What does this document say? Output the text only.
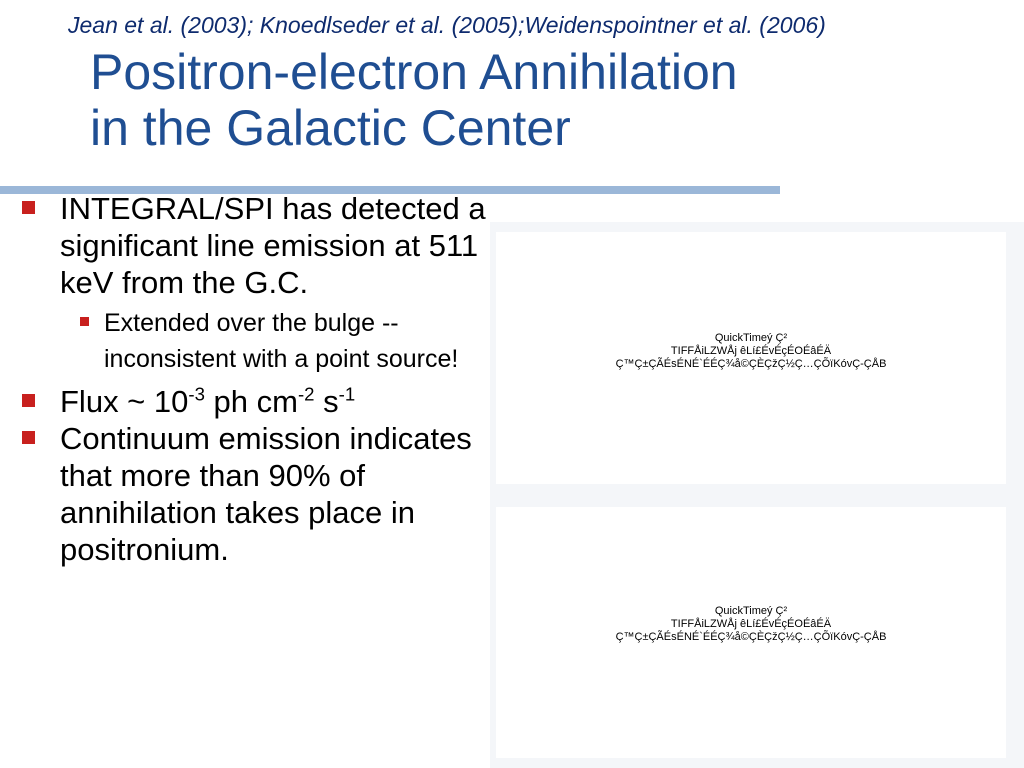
Jean et al. (2003); Knoedlseder et al. (2005);Weidenspointner et al. (2006)
Positron-electron Annihilation
in the Galactic Center
INTEGRAL/SPI has detected a significant line emission at 511 keV from the G.C.
Extended over the bulge -- inconsistent with a point source!
Flux ~ $10^{-3}$ ph $cm^{-2}$ $s^{-1}$
Continuum emission indicates that more than 90% of annihilation takes place in positronium.
QuickTimeý Ç²
TIFFÅiLZWÅj êLí£ÉvÉçÉOÉâÉÄ
Ç™Ç±ÇÃÉsÉNÉ`ÉÉÇ¾å©ÇÈÇžÇ½Ç…ÇÕïKóvÇ-ÇÅB
QuickTimeý Ç²
TIFFÅiLZWÅj êLí£ÉvÉçÉOÉâÉÄ
Ç™Ç±ÇÃÉsÉNÉ`ÉÉÇ¾å©ÇÈÇžÇ½Ç…ÇÕïKóvÇ-ÇÅB
